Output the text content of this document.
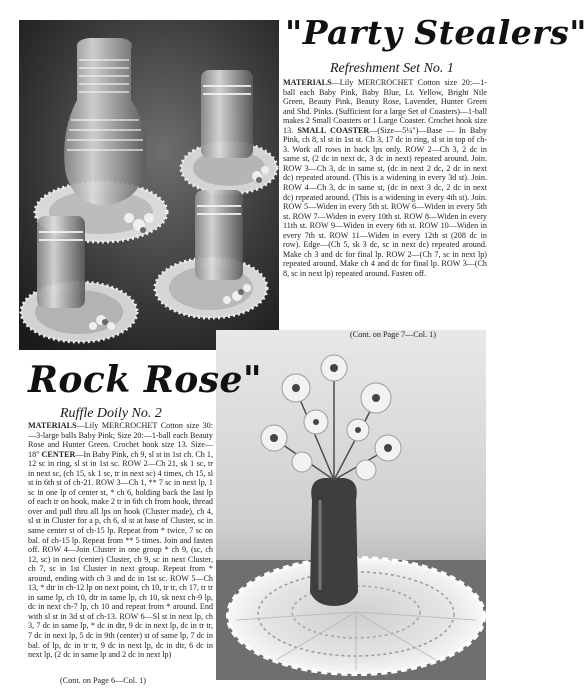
"Party Stealers"
Refreshment Set No. 1
Rock Rose"
Ruffle Doily No. 2
MATERIALS—Lily MERCROCHET Cotton size 20:—1-ball each Baby Pink, Baby Blue, Lt. Yellow, Bright Nile Green, Beauty Pink, Beauty Rose, Lavender, Hunter Green and Shd. Pinks. (Sufficient for a large Set of Coasters)—1-ball makes 2 Small Coasters or 1 Large Coaster. Crochet hook size 13. SMALL COASTER—(Size—5¼")—Base — In Baby Pink, ch 8, sl st in 1st st. Ch 3, 17 dc in ring, sl st in top of ch-3. Work all rows in back lps only. ROW 2—Ch 3, 2 dc in same st, (2 dc in next dc, 3 dc in next) repeated around. Join. ROW 3—Ch 3, dc in same st, (dc in next 2 dc, 2 dc in next dc) repeated around. (This is a widening in every 3d st). Join. ROW 4—Ch 3, dc in same st, (dc in next 3 dc, 2 dc in next dc) repeated around. (This is a widening in every 4th st). Join. ROW 5—Widen in every 5th st. ROW 6—Widen in every 5th st. ROW 7—Widen in every 10th st. ROW 8—Widen in every 11th st. ROW 9—Widen in every 6th st. ROW 10—Widen in every 7th st. ROW 11—Widen in every 12th st (208 dc in row). Edge—(Ch 5, sk 3 dc, sc in next dc) repeated around. Make ch 3 and dc for final lp. ROW 2—(Ch 7, sc in next lp) repeated around. Make ch 4 and dc for final lp. ROW 3—(Ch 8, sc in next lp) repeated around. Fasten off.
(Cont. on Page 7—Col. 1)
MATERIALS—Lily MERCROCHET Cotton size 30:—3-large balls Baby Pink; Size 20:—1-ball each Beauty Rose and Hunter Green. Crochet hook size 13. Size—18" CENTER—In Baby Pink, ch 9, sl st in 1st ch. Ch 1, 12 sc in ring, sl st in 1st sc. ROW 2—Ch 21, sk 1 sc, tr in next sc, (ch 15, sk 1 sc, tr in next sc) 4 times, ch 15, sl st in 6th st of ch-21. ROW 3—Ch 1, ** 7 sc in next lp, 1 sc in one lp of center st, * ch 6, holding back the last lp of each tr on hook, make 2 tr in 6th ch from hook, thread over and pull thru all lps on hook (Cluster made), ch 4, sl st in Cluster for a p, ch 6, sl st at base of Cluster, sc in same center st of ch-15 lp. Repeat from * twice, 7 sc on bal. of ch-15 lp. Repeat from ** 5 times. Join and fasten off. ROW 4—Join Cluster in one group * ch 9, (sc, ch 12, sc) in next (center) Cluster, ch 9, sc in next Cluster, ch 7, sc in 1st Cluster in next group. Repeat from * around, ending with ch 3 and dc in 1st sc. ROW 5—Ch 13, * dtr in ch-12 lp on next point, ch 10, tr tr, ch 17, tr tr in same lp, ch 10, dtr in same lp, ch 10, sk next ch-9 lp, dc in next ch-7 lp, ch 10 and repeat from * around. End with sl st in 3d st of ch-13. ROW 6—Sl st in next lp, ch 3, 7 dc in same lp, * dc in dtr, 9 dc in next lp, dc in tr tr, 7 dc in next lp, 5 dc in 9th (center) st of same lp, 7 dc in bal. of lp, dc in tr tr, 9 dc in next lp, dc in dtr, 6 dc in next lp, (2 dc in same lp and 2 dc in next lp)
(Cont. on Page 6—Col. 1)
